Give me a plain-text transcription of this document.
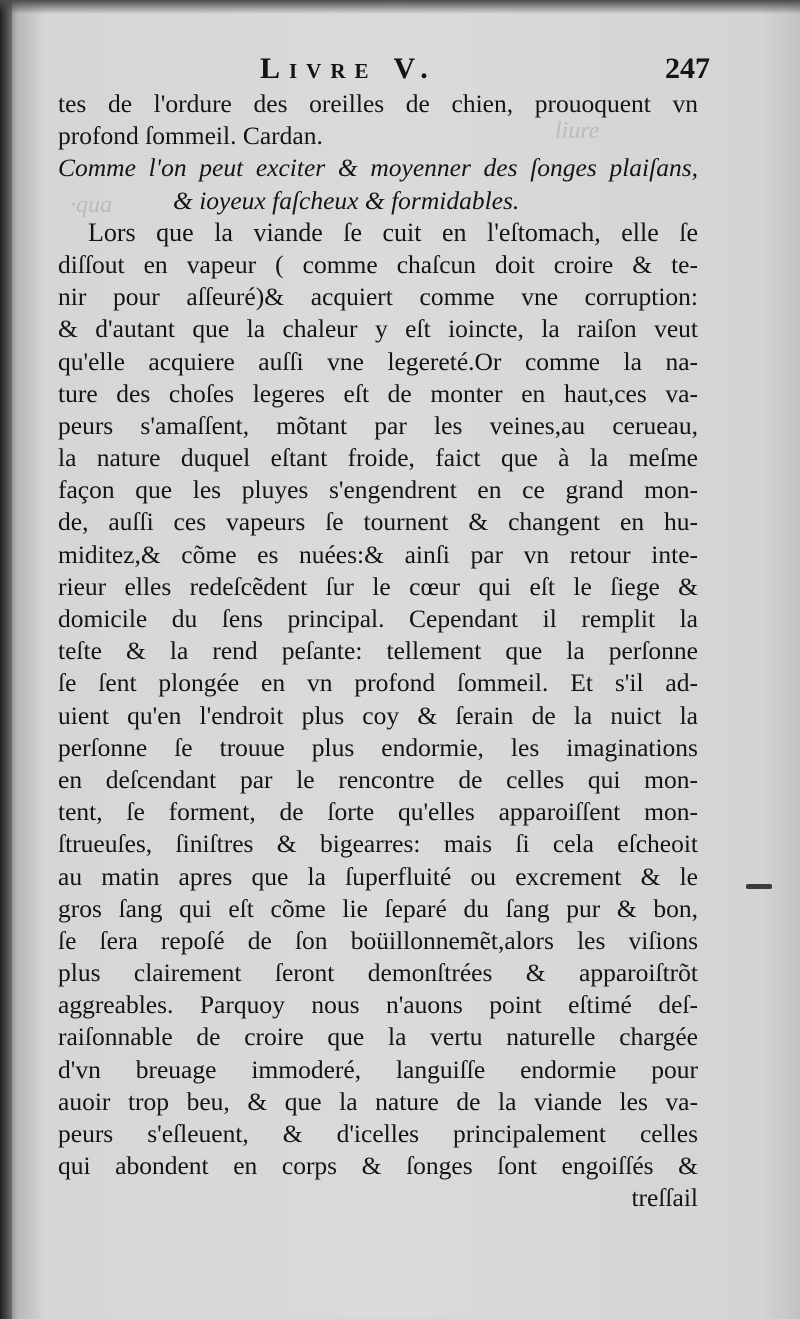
liure
·qua
Livre V.	247
tes de l'ordure des oreilles de chien, prouoquent vn
profond ſommeil. Cardan.
Comme l'on peut exciter & moyenner des ſonges plaiſans,
& ioyeux faſcheux & formidables.
Lors que la viande ſe cuit en l'eſtomach, elle ſe
diſſout en vapeur ( comme chaſcun doit croire & te-
nir pour aſſeuré)& acquiert comme vne corruption:
& d'autant que la chaleur y eſt ioincte, la raiſon veut
qu'elle acquiere auſſi vne legereté.Or comme la na-
ture des choſes legeres eſt de monter en haut,ces va-
peurs s'amaſſent, mõtant par les veines,au cerueau,
la nature duquel eſtant froide, faict que à la meſme
façon que les pluyes s'engendrent en ce grand mon-
de, auſſi ces vapeurs ſe tournent & changent en hu-
miditez,& cõme es nuées:& ainſi par vn retour inte-
rieur elles redeſcẽdent ſur le cœur qui eſt le ſiege &
domicile du ſens principal. Cependant il remplit la
teſte & la rend peſante: tellement que la perſonne
ſe ſent plongée en vn profond ſommeil. Et s'il ad-
uient qu'en l'endroit plus coy & ſerain de la nuict la
perſonne ſe trouue plus endormie, les imaginations
en deſcendant par le rencontre de celles qui mon-
tent, ſe forment, de ſorte qu'elles apparoiſſent mon-
ſtrueuſes, ſiniſtres & bigearres: mais ſi cela eſcheoit
au matin apres que la ſuperfluité ou excrement & le
gros ſang qui eſt cõme lie ſeparé du ſang pur & bon,
ſe ſera repoſé de ſon boüillonnemẽt,alors les viſions
plus clairement ſeront demonſtrées & apparoiſtrõt
aggreables. Parquoy nous n'auons point eſtimé deſ-
raiſonnable de croire que la vertu naturelle chargée
d'vn breuage immoderé, languiſſe endormie pour
auoir trop beu, & que la nature de la viande les va-
peurs s'eſleuent, & d'icelles principalement celles
qui abondent en corps & ſonges ſont engoiſſés &
treſſail
